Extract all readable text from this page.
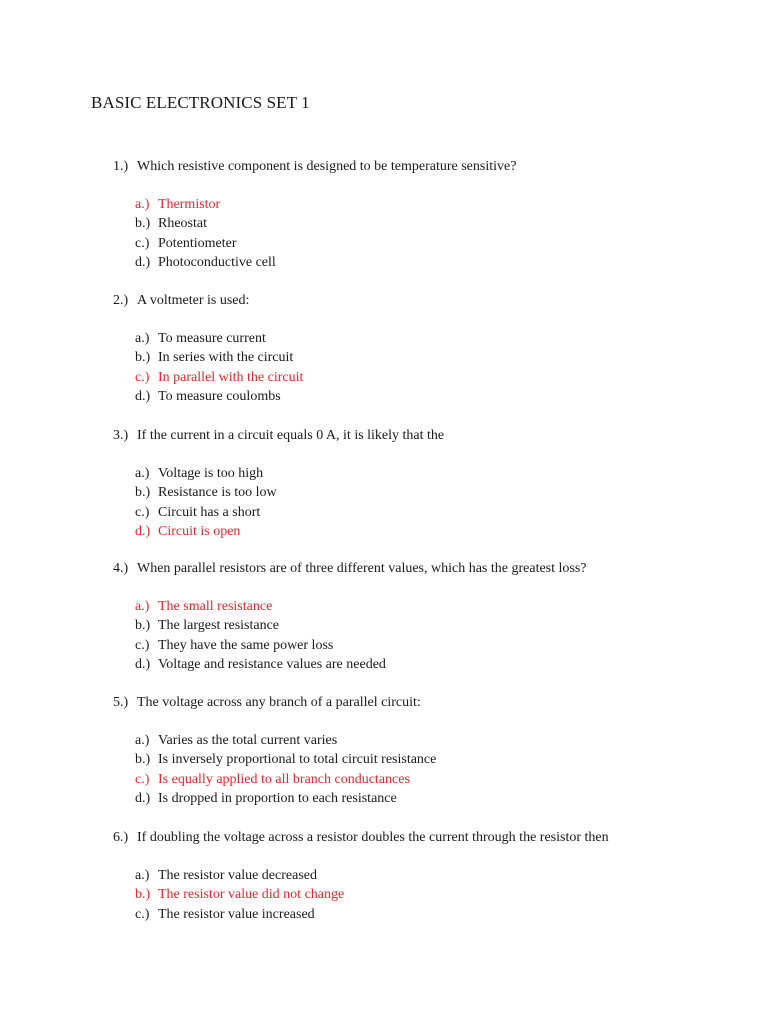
BASIC ELECTRONICS SET 1
1.) Which resistive component is designed to be temperature sensitive?
a.) Thermistor
b.) Rheostat
c.) Potentiometer
d.) Photoconductive cell
2.) A voltmeter is used:
a.) To measure current
b.) In series with the circuit
c.) In parallel with the circuit
d.) To measure coulombs
3.) If the current in a circuit equals 0 A, it is likely that the
a.) Voltage is too high
b.) Resistance is too low
c.) Circuit has a short
d.) Circuit is open
4.) When parallel resistors are of three different values, which has the greatest loss?
a.) The small resistance
b.) The largest resistance
c.) They have the same power loss
d.) Voltage and resistance values are needed
5.) The voltage across any branch of a parallel circuit:
a.) Varies as the total current varies
b.) Is inversely proportional to total circuit resistance
c.) Is equally applied to all branch conductances
d.) Is dropped in proportion to each resistance
6.) If doubling the voltage across a resistor doubles the current through the resistor then
a.) The resistor value decreased
b.) The resistor value did not change
c.) The resistor value increased
